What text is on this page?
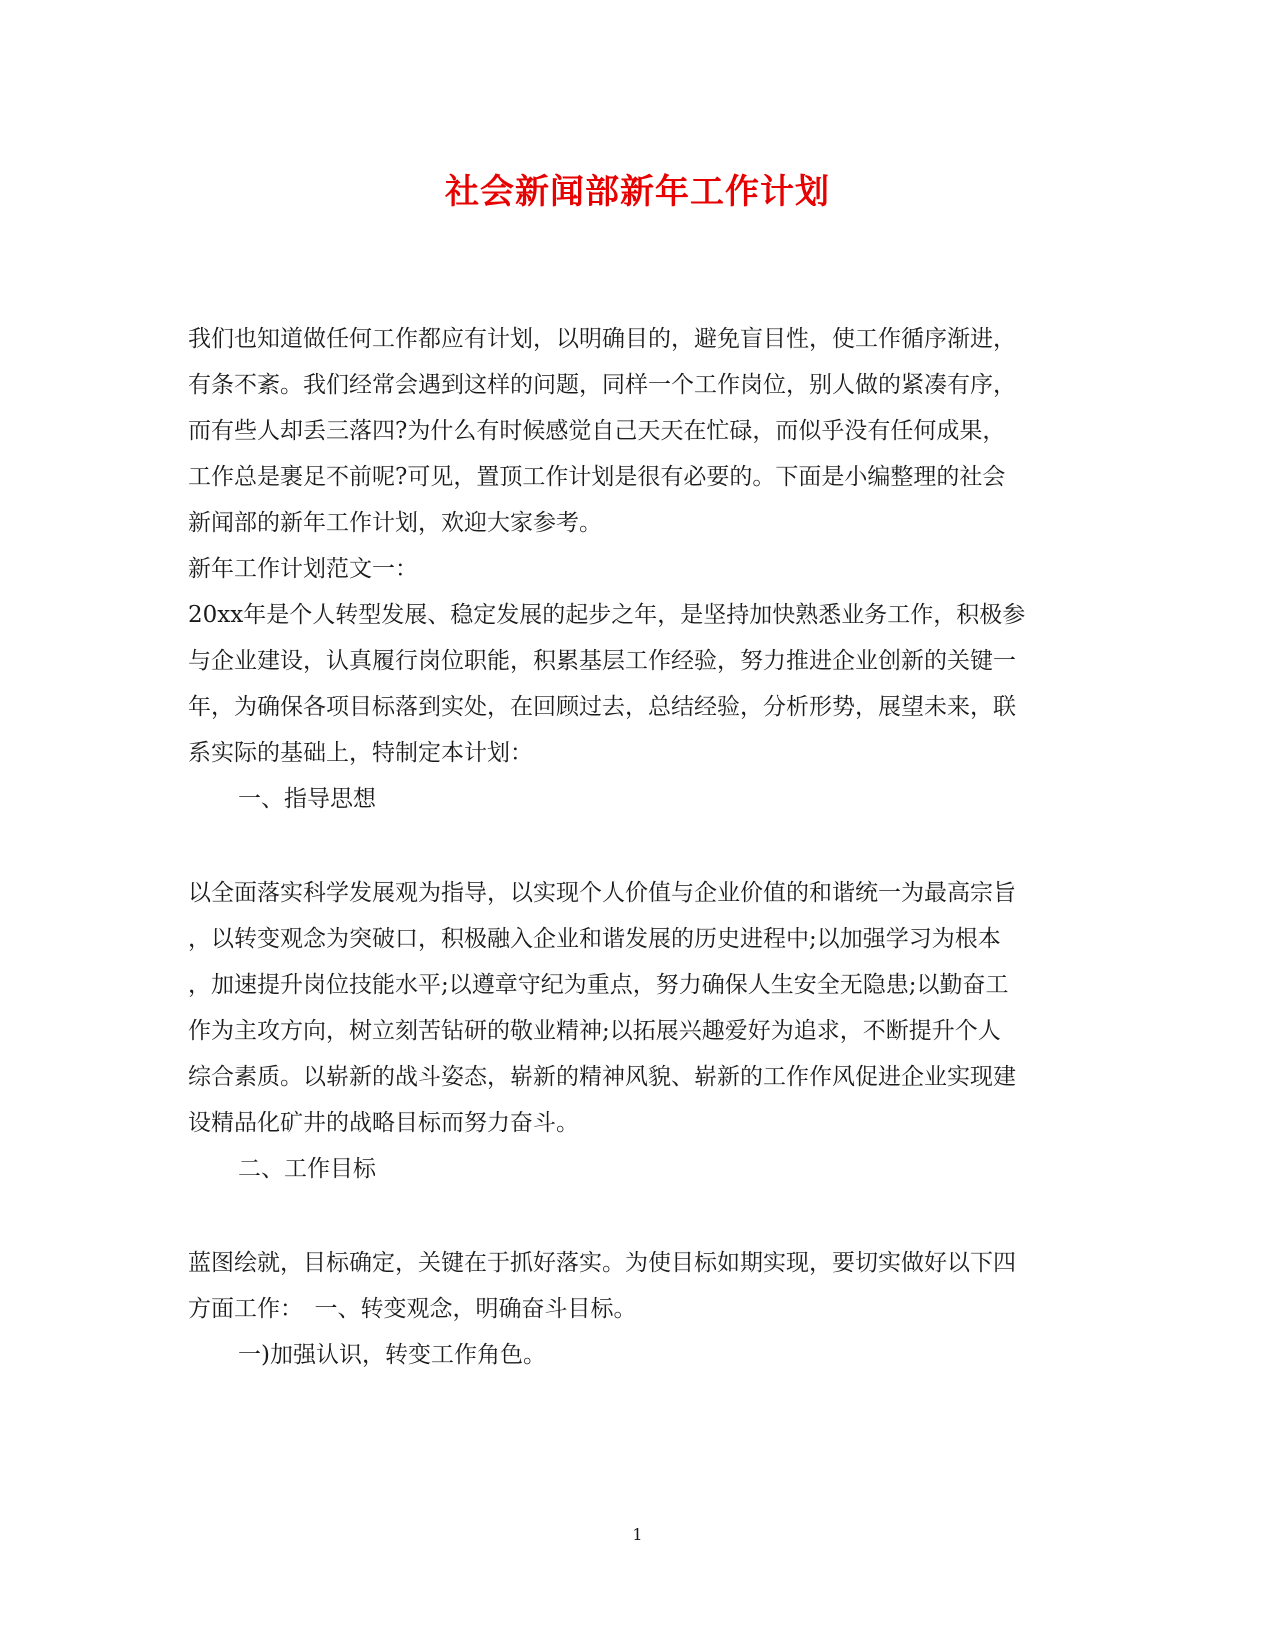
社会新闻部新年工作计划
我们也知道做任何工作都应有计划，以明确目的，避免盲目性，使工作循序渐进，
有条不紊。我们经常会遇到这样的问题，同样一个工作岗位，别人做的紧凑有序，
而有些人却丢三落四?为什么有时候感觉自己天天在忙碌，而似乎没有任何成果，
工作总是裹足不前呢?可见，置顶工作计划是很有必要的。下面是小编整理的社会
新闻部的新年工作计划，欢迎大家参考。
新年工作计划范文一：
20xx年是个人转型发展、稳定发展的起步之年，是坚持加快熟悉业务工作，积极参
与企业建设，认真履行岗位职能，积累基层工作经验，努力推进企业创新的关键一
年，为确保各项目标落到实处，在回顾过去，总结经验，分析形势，展望未来，联
系实际的基础上，特制定本计划：
一、指导思想
以全面落实科学发展观为指导，以实现个人价值与企业价值的和谐统一为最高宗旨
，以转变观念为突破口，积极融入企业和谐发展的历史进程中;以加强学习为根本
，加速提升岗位技能水平;以遵章守纪为重点，努力确保人生安全无隐患;以勤奋工
作为主攻方向，树立刻苦钻研的敬业精神;以拓展兴趣爱好为追求，不断提升个人
综合素质。以崭新的战斗姿态，崭新的精神风貌、崭新的工作作风促进企业实现建
设精品化矿井的战略目标而努力奋斗。
二、工作目标
蓝图绘就，目标确定，关键在于抓好落实。为使目标如期实现，要切实做好以下四
方面工作：　一、转变观念，明确奋斗目标。
一)加强认识，转变工作角色。
1
